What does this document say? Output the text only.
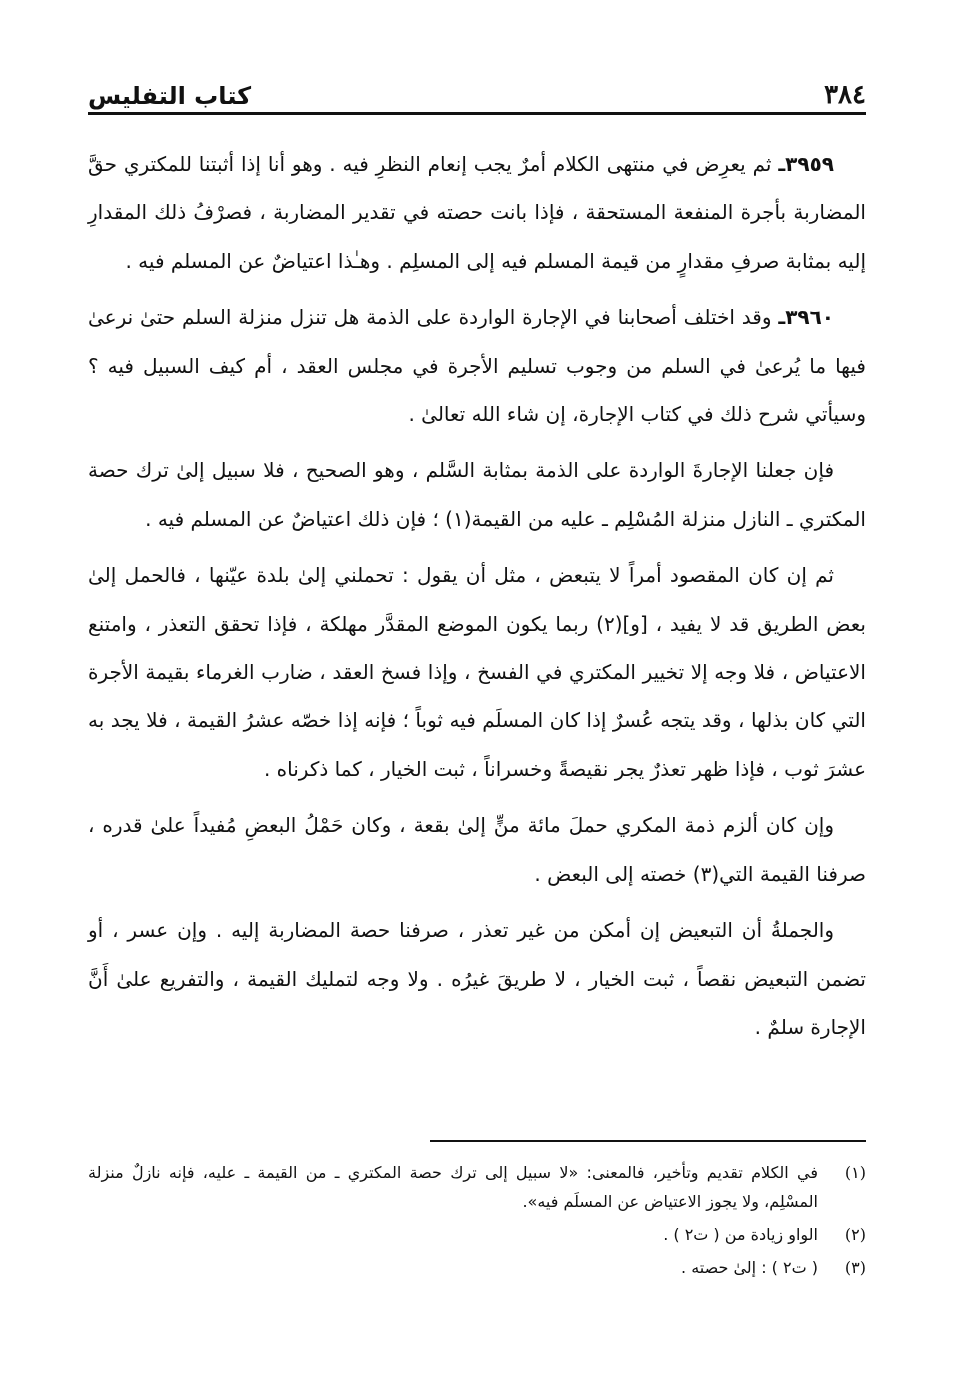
٣٨٤
كتاب التفليس

٣٩٥٩ـ ثم يعرِض في منتهى الكلام أمرٌ يجب إنعام النظرِ فيه . وهو أنا إذا أثبتنا للمكتري حقَّ المضاربة بأجرة المنفعة المستحقة ، فإذا بانت حصته في تقدير المضاربة ، فصرْفُ ذلك المقدارِ إليه بمثابة صرفِ مقدارٍ من قيمة المسلم فيه إلى المسلِم . وهـٰذا اعتياضٌ عن المسلم فيه .

٣٩٦٠ـ وقد اختلف أصحابنا في الإجارة الواردة على الذمة هل تنزل منزلة السلم حتىٰ نرعىٰ فيها ما يُرعىٰ في السلم من وجوب تسليم الأجرة في مجلس العقد ، أم كيف السبيل فيه ؟ وسيأتي شرح ذلك في كتاب الإجارة، إن شاء الله تعالىٰ .

فإن جعلنا الإجارةَ الواردة على الذمة بمثابة السَّلم ، وهو الصحيح ، فلا سبيل إلىٰ ترك حصة المكتري ـ النازل منزلة المُسْلِم ـ عليه من القيمة(١) ؛ فإن ذلك اعتياضٌ عن المسلم فيه .

ثم إن كان المقصود أمراً لا يتبعض ، مثل أن يقول : تحملني إلىٰ بلدة عيّنها ، فالحمل إلىٰ بعض الطريق قد لا يفيد ، [و](٢) ربما يكون الموضع المقدَّر مهلكة ، فإذا تحقق التعذر ، وامتنع الاعتياض ، فلا وجه إلا تخيير المكتري في الفسخ ، وإذا فسخ العقد ، ضارب الغرماء بقيمة الأجرة التي كان بذلها ، وقد يتجه عُسرٌ إذا كان المسلَم فيه ثوباً ؛ فإنه إذا خصّه عشرُ القيمة ، فلا يجد به عشرَ ثوب ، فإذا ظهر تعذرٌ يجر نقيصةً وخسراناً ، ثبت الخيار ، كما ذكرناه .

وإن كان ألزم ذمة المكري حملَ مائة منٍّ إلىٰ بقعة ، وكان حَمْلُ البعضِ مُفيداً علىٰ قدره ، صرفنا القيمة التي(٣) خصته إلى البعض .

والجملةُ أن التبعيض إن أمكن من غير تعذر ، صرفنا حصة المضاربة إليه . وإن عسر ، أو تضمن التبعيض نقصاً ، ثبت الخيار ، لا طريقَ غيرُه . ولا وجه لتمليك القيمة ، والتفريع علىٰ أَنَّ الإجارة سلمٌ .

(١)
في الكلام تقديم وتأخير، فالمعنى: «لا سبيل إلى ترك حصة المكتري ـ من القيمة ـ عليه، فإنه نازلٌ منزلة المسْلِم، ولا يجوز الاعتياض عن المسلَم فيه».
(٢)
الواو زيادة من ( ت٢ ) .
(٣)
( ت٢ ) : إلىٰ حصته .
